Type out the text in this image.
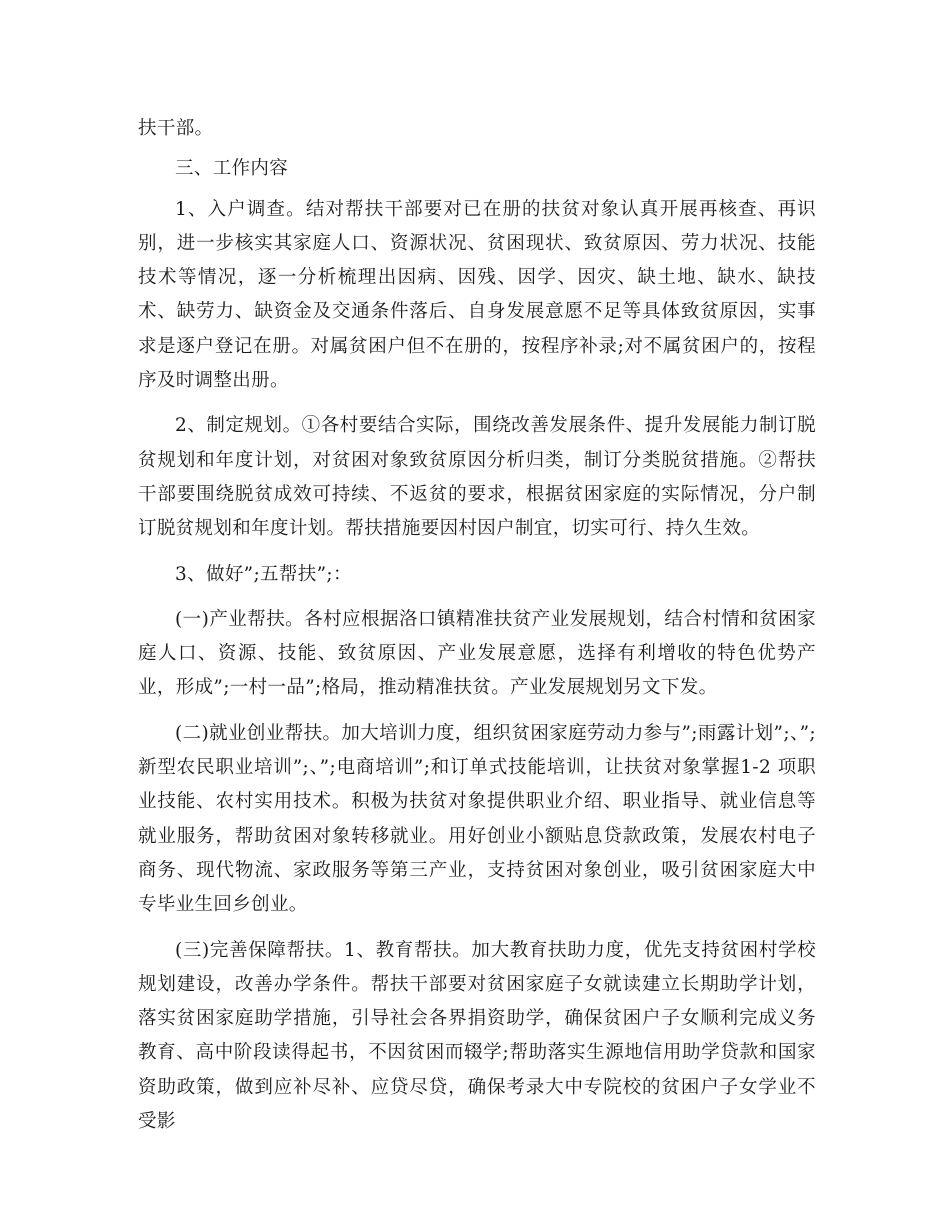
扶干部。

三、工作内容

1、入户调查。结对帮扶干部要对已在册的扶贫对象认真开展再核查、再识别，进一步核实其家庭人口、资源状况、贫困现状、致贫原因、劳力状况、技能技术等情况，逐一分析梳理出因病、因残、因学、因灾、缺土地、缺水、缺技术、缺劳力、缺资金及交通条件落后、自身发展意愿不足等具体致贫原因，实事求是逐户登记在册。对属贫困户但不在册的，按程序补录;对不属贫困户的，按程序及时调整出册。

2、制定规划。①各村要结合实际，围绕改善发展条件、提升发展能力制订脱贫规划和年度计划，对贫困对象致贫原因分析归类，制订分类脱贫措施。②帮扶干部要围绕脱贫成效可持续、不返贫的要求，根据贫困家庭的实际情况，分户制订脱贫规划和年度计划。帮扶措施要因村因户制宜，切实可行、持久生效。

3、做好”;五帮扶”;：

(一)产业帮扶。各村应根据洛口镇精准扶贫产业发展规划，结合村情和贫困家庭人口、资源、技能、致贫原因、产业发展意愿，选择有利增收的特色优势产业，形成”;一村一品”;格局，推动精准扶贫。产业发展规划另文下发。

(二)就业创业帮扶。加大培训力度，组织贫困家庭劳动力参与”;雨露计划”;、”;新型农民职业培训”;、”;电商培训”;和订单式技能培训，让扶贫对象掌握1-2 项职业技能、农村实用技术。积极为扶贫对象提供职业介绍、职业指导、就业信息等就业服务，帮助贫困对象转移就业。用好创业小额贴息贷款政策，发展农村电子商务、现代物流、家政服务等第三产业，支持贫困对象创业，吸引贫困家庭大中专毕业生回乡创业。

(三)完善保障帮扶。1、教育帮扶。加大教育扶助力度，优先支持贫困村学校规划建设，改善办学条件。帮扶干部要对贫困家庭子女就读建立长期助学计划，落实贫困家庭助学措施，引导社会各界捐资助学，确保贫困户子女顺利完成义务教育、高中阶段读得起书，不因贫困而辍学;帮助落实生源地信用助学贷款和国家资助政策，做到应补尽补、应贷尽贷，确保考录大中专院校的贫困户子女学业不受影
